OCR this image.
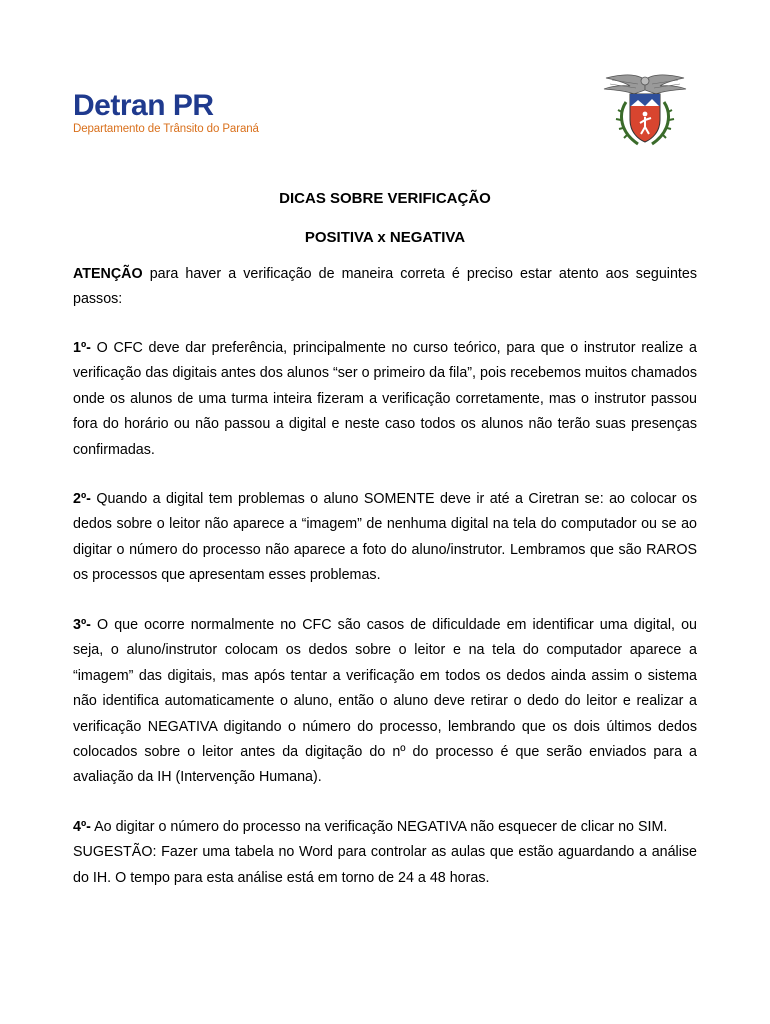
Detran PR
Departamento de Trânsito do Paraná
DICAS SOBRE VERIFICAÇÃO
POSITIVA x NEGATIVA

ATENÇÃO para haver a verificação de maneira correta é preciso estar atento aos seguintes passos:

1º- O CFC deve dar preferência, principalmente no curso teórico, para que o instrutor realize a verificação das digitais antes dos alunos “ser o primeiro da fila”, pois recebemos muitos chamados onde os alunos de uma turma inteira fizeram a verificação corretamente, mas o instrutor passou fora do horário ou não passou a digital e neste caso todos os alunos não terão suas presenças confirmadas.

2º- Quando a digital tem problemas o aluno SOMENTE deve ir até a Ciretran se: ao colocar os dedos sobre o leitor não aparece a “imagem” de nenhuma digital na tela do computador ou se ao digitar o número do processo não aparece a foto do aluno/instrutor. Lembramos que são RAROS os processos que apresentam esses problemas.

3º- O que ocorre normalmente no CFC são casos de dificuldade em identificar uma digital, ou seja, o aluno/instrutor colocam os dedos sobre o leitor e na tela do computador aparece a “imagem” das digitais, mas após tentar a verificação em todos os dedos ainda assim o sistema não identifica automaticamente o aluno, então o aluno deve retirar o dedo do leitor e realizar a verificação NEGATIVA digitando o número do processo, lembrando que os dois últimos dedos colocados sobre o leitor antes da digitação do nº do processo é que serão enviados para a avaliação da IH (Intervenção Humana).

4º- Ao digitar o número do processo na verificação NEGATIVA não esquecer de clicar no SIM.
SUGESTÃO: Fazer uma tabela no Word para controlar as aulas que estão aguardando a análise do IH. O tempo para esta análise está em torno de 24 a 48 horas.
